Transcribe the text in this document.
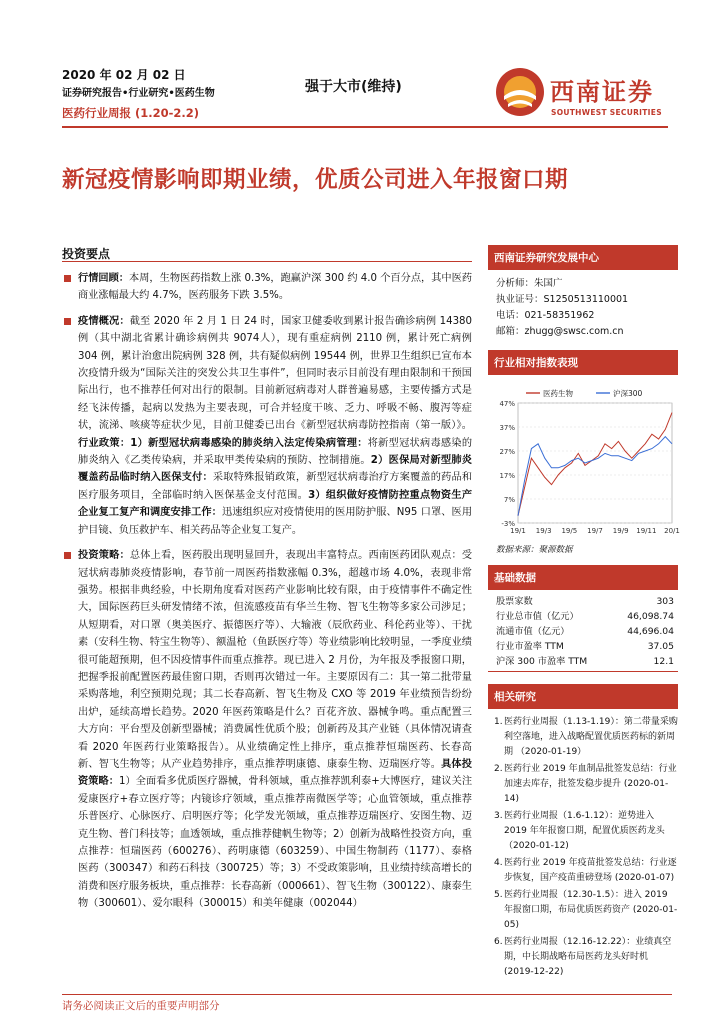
2020 年 02 月 02 日
证券研究报告•行业研究•医药生物
医药行业周报 (1.20-2.2)
强于大市(维持)	西南证券
SOUTHWEST SECURITIES
新冠疫情影响即期业绩，优质公司进入年报窗口期
投资要点
行情回顾：本周，生物医药指数上涨 0.3%，跑赢沪深 300 约 4.0 个百分点，其中医药商业涨幅最大约 4.7%，医药服务下跌 3.5%。
疫情概况：截至 2020 年 2 月 1 日 24 时，国家卫健委收到累计报告确诊病例 14380例（其中湖北省累计确诊病例共 9074人），现有重症病例 2110 例，累计死亡病例 304 例，累计治愈出院病例 328 例，共有疑似病例 19544 例，世界卫生组织已宣布本次疫情升级为“国际关注的突发公共卫生事件”，但同时表示目前没有理由限制和干预国际出行，也不推荐任何对出行的限制。目前新冠病毒对人群普遍易感，主要传播方式是经飞沫传播，起病以发热为主要表现，可合并轻度干咳、乏力、呼吸不畅、腹泻等症状，流涕、咳痰等症状少见，目前卫健委已出台《新型冠状病毒防控指南（第一版）》。行业政策：1）新型冠状病毒感染的肺炎纳入法定传染病管理：将新型冠状病毒感染的肺炎纳入《乙类传染病，并采取甲类传染病的预防、控制措施。2）医保局对新型肺炎覆盖药品临时纳入医保支付：采取特殊报销政策，新型冠状病毒治疗方案覆盖的药品和医疗服务项目，全部临时纳入医保基金支付范围。3）组织做好疫情防控重点物资生产企业复工复产和调度安排工作：迅速组织应对疫情使用的医用防护服、N95 口罩、医用护目镜、负压救护车、相关药品等企业复工复产。
投资策略：总体上看，医药股出现明显回升，表现出丰富特点。西南医药团队观点：受冠状病毒肺炎疫情影响，春节前一周医药指数涨幅 0.3%，超越市场 4.0%，表现非常强势。根据非典经验，中长期角度看对医药产业影响比较有限，由于疫情事件不确定性大，国际医药巨头研发情绪不浓，但流感疫苗有华兰生物、智飞生物等多家公司涉足；从短期看，对口罩（奥美医疗、振德医疗等）、大输液（辰欣药业、科伦药业等）、干扰素（安科生物、特宝生物等）、额温枪（鱼跃医疗等）等业绩影响比较明显，一季度业绩很可能超预期，但不因疫情事件而重点推荐。现已进入 2 月份，为年报及季报窗口期，把握季报前配置医药最佳窗口期，否则再次错过一年。主要原因有二：其一第二批带量采购落地，利空预期兑现；其二长春高新、智飞生物及 CXO 等 2019 年业绩预告纷纷出炉，延续高增长趋势。2020 年医药策略是什么？百花齐放、器械争鸣。重点配置三大方向：平台型及创新型器械；消费属性优质个股；创新药及其产业链（具体情况请查看 2020 年医药行业策略报告）。从业绩确定性上排序，重点推荐恒瑞医药、长春高新、智飞生物等；从产业趋势排序，重点推荐明康德、康泰生物、迈瑞医疗等。具体投资策略：1）全面看多优质医疗器械，骨科领域，重点推荐凯利泰+大博医疗，建议关注爱康医疗+春立医疗等；内镜诊疗领域，重点推荐南微医学等；心血管领域，重点推荐乐普医疗、心脉医疗、启明医疗等；化学发光领域，重点推荐迈瑞医疗、安图生物、迈克生物、普门科技等；血透领域，重点推荐健帆生物等；2）创新为战略性投资方向，重点推荐：恒瑞医药（600276）、药明康德（603259）、中国生物制药（1177）、泰格医药（300347）和药石科技（300725）等；3）不受政策影响，且业绩持续高增长的消费和医疗服务板块，重点推荐：长春高新（000661）、智飞生物（300122）、康泰生物（300601）、爱尔眼科（300015）和美年健康（002044）
西南证券研究发展中心
分析师：朱国广
执业证号：S1250513110001
电话：021-58351962
邮箱：zhugg@swsc.com.cn
行业相对指数表现
47%
37%
27%
17%
7%
-3%
19/1 19/3 19/5 19/7 19/9 19/11 20/1
医药生物	沪深300
数据来源：聚源数据
基础数据
股票家数	303
行业总市值（亿元）	46,098.74
流通市值（亿元）	44,696.04
行业市盈率 TTM	37.05
沪深 300 市盈率 TTM	12.1
相关研究
1. 医药行业周报（1.13-1.19）：第二带量采购利空落地，进入战略配置优质医药标的新周期 （2020-01-19）
2. 医药行业 2019 年血制品批签发总结：行业加速去库存，批签发稳步提升 (2020-01-14)
3. 医药行业周报（1.6-1.12）：逆势进入 2019 年年报窗口期，配置优质医药龙头 （2020-01-12)
4. 医药行业 2019 年疫苗批签发总结：行业逐步恢复，国产疫苗重磅登场 (2020-01-07)
5. 医药行业周报（12.30-1.5）：进入 2019 年报窗口期，布局优质医药资产 (2020-01-05)
6. 医药行业周报（12.16-12.22）：业绩真空期，中长期战略布局医药龙头好时机 (2019-12-22)
请务必阅读正文后的重要声明部分
